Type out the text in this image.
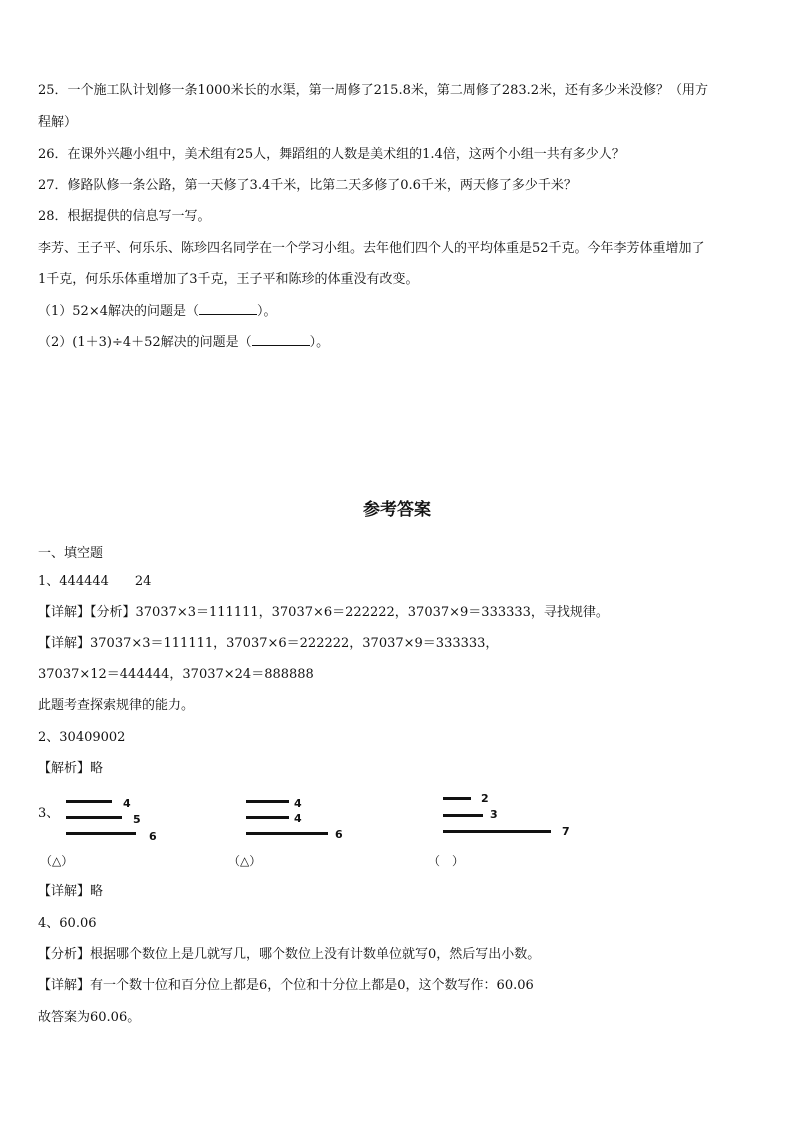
25．一个施工队计划修一条1000米长的水渠，第一周修了215.8米，第二周修了283.2米，还有多少米没修？（用方
程解）
26．在课外兴趣小组中，美术组有25人，舞蹈组的人数是美术组的1.4倍，这两个小组一共有多少人？
27．修路队修一条公路，第一天修了3.4千米，比第二天多修了0.6千米，两天修了多少千米？
28．根据提供的信息写一写。
李芳、王子平、何乐乐、陈珍四名同学在一个学习小组。去年他们四个人的平均体重是52千克。今年李芳体重增加了
1千克，何乐乐体重增加了3千克，王子平和陈珍的体重没有改变。
（1）52×4解决的问题是（	）。
（2）(1＋3)÷4＋52解决的问题是（	）。
参考答案
一、填空题
1、444444　　24
【详解】【分析】37037×3＝111111，37037×6＝222222，37037×9＝333333，寻找规律。
【详解】37037×3＝111111，37037×6＝222222，37037×9＝333333，
37037×12＝444444，37037×24＝888888
此题考查探索规律的能力。
2、30409002
【解析】略
3、
4
5
6
（△）
4
4
6
（△）
2
3
7
（　）
【详解】略
4、60.06
【分析】根据哪个数位上是几就写几，哪个数位上没有计数单位就写0，然后写出小数。
【详解】有一个数十位和百分位上都是6，个位和十分位上都是0，这个数写作：60.06
故答案为60.06。
